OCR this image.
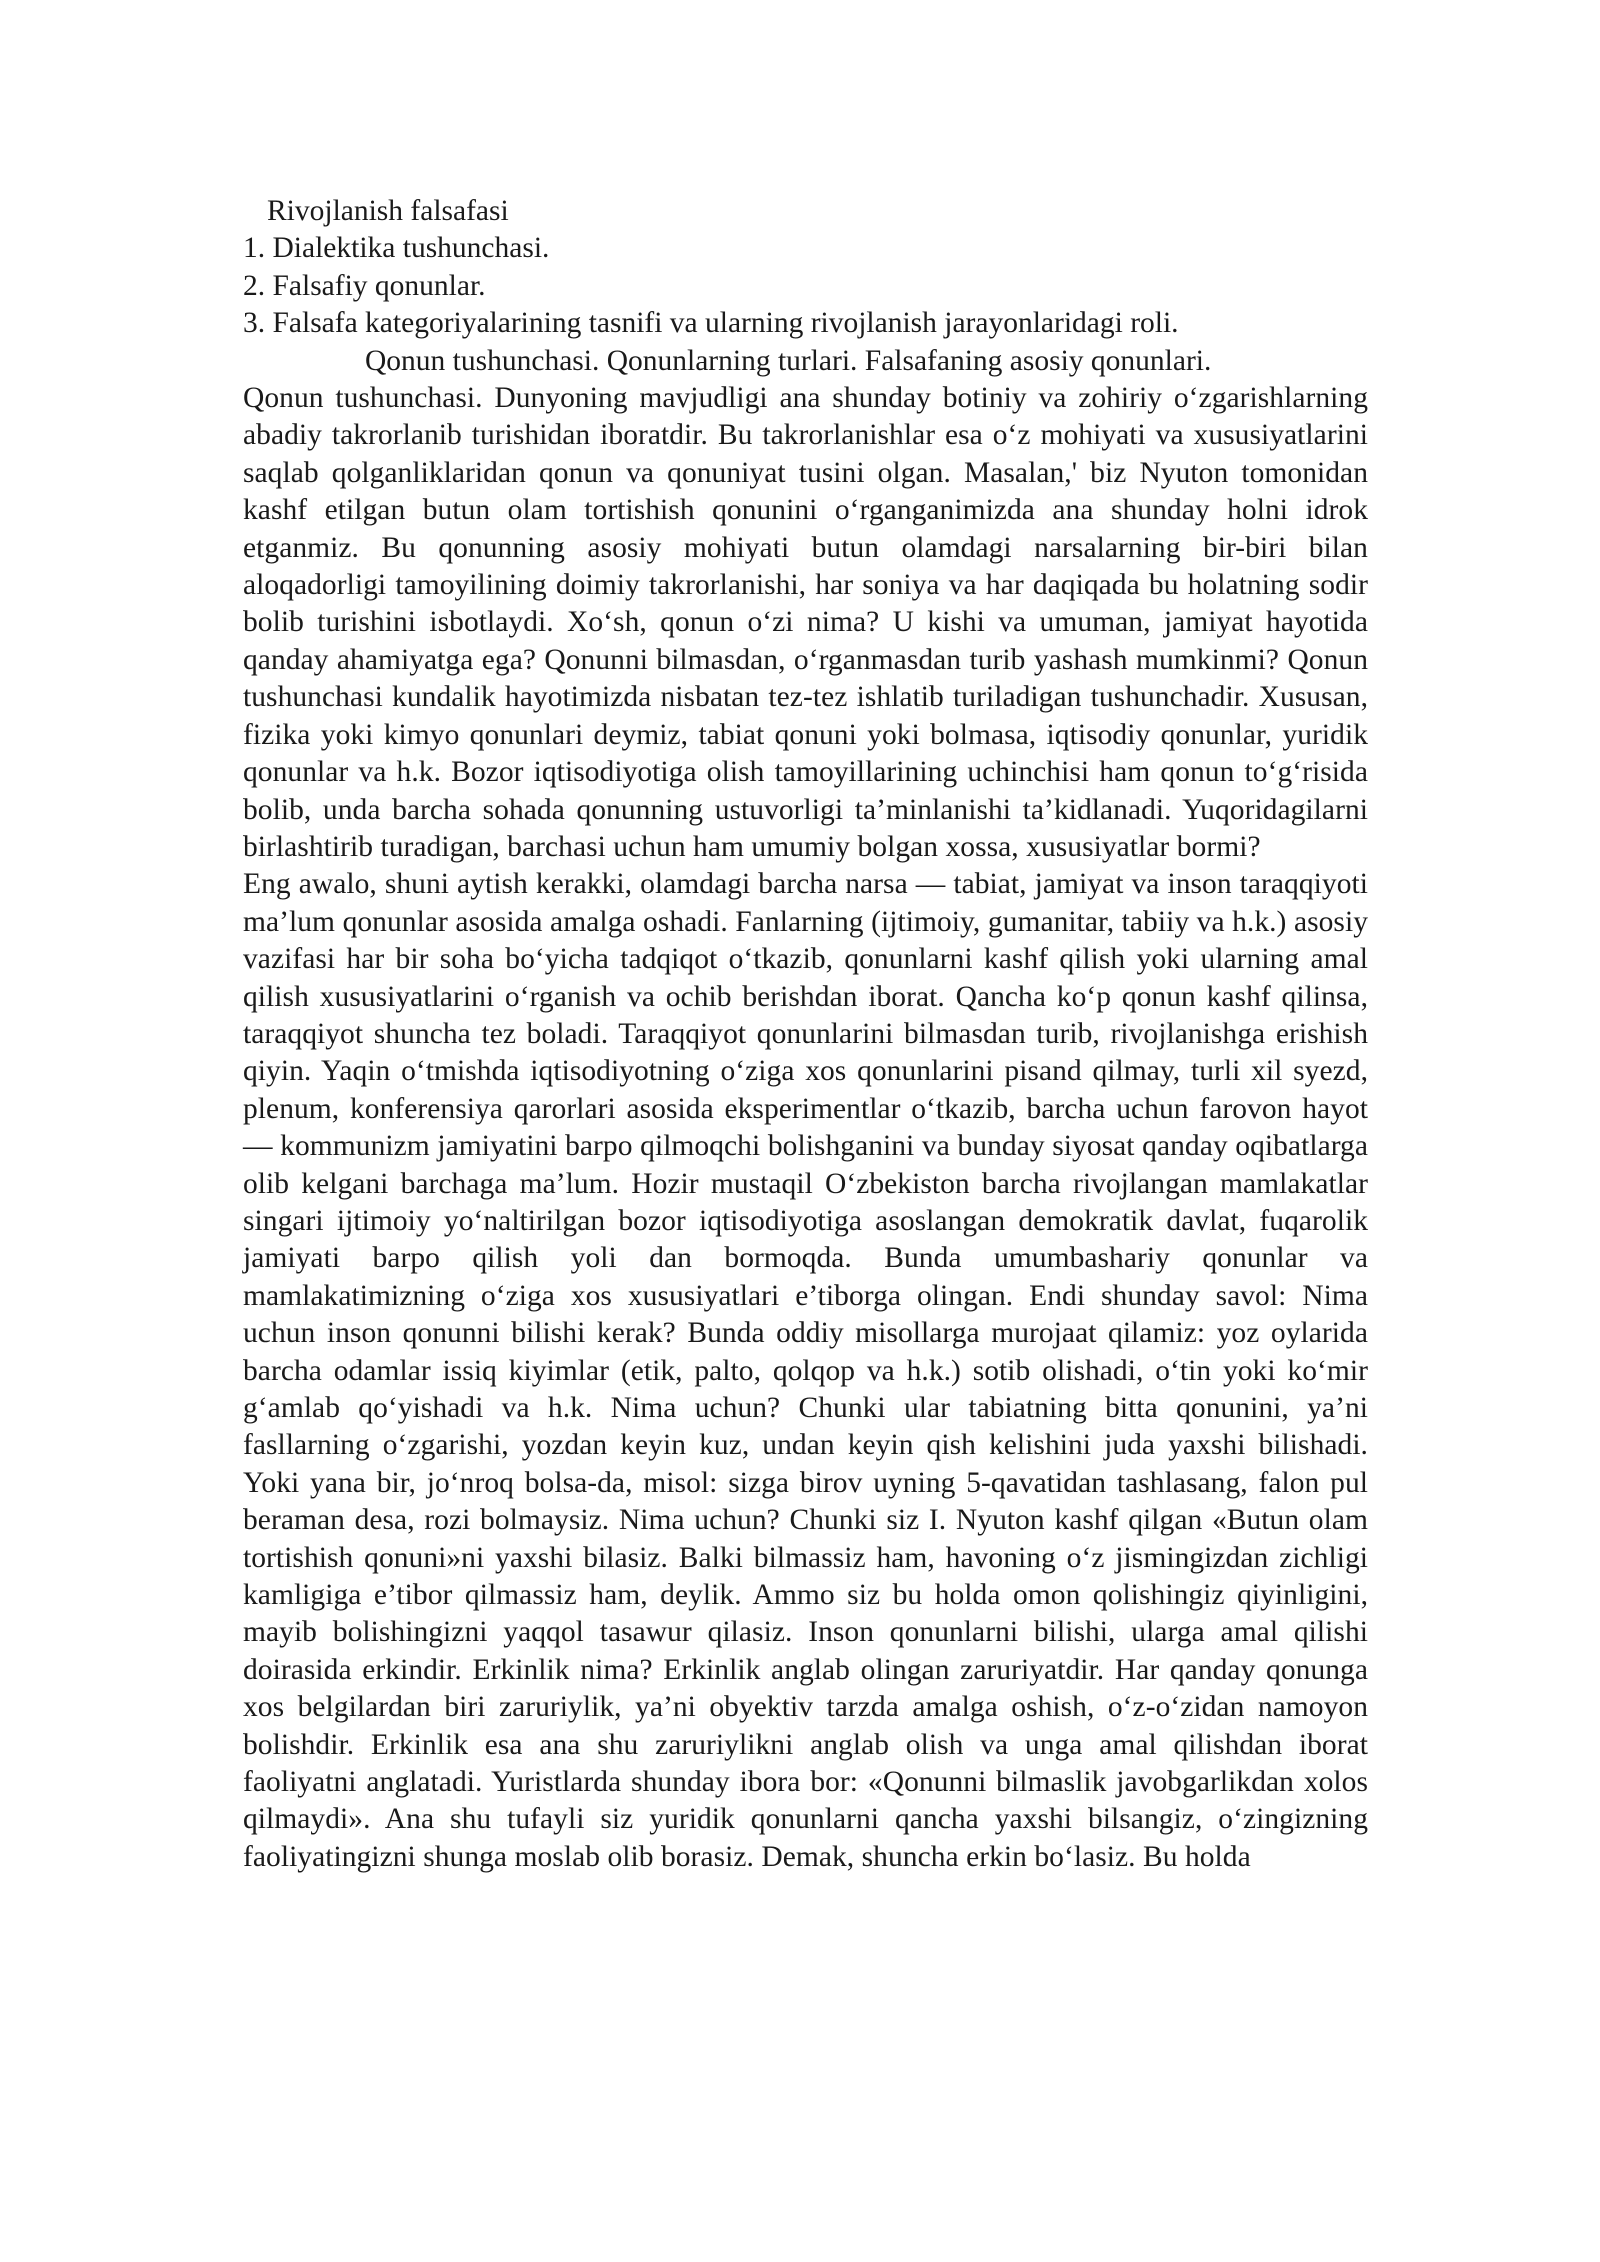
Rivojlanish falsafasi
1. Dialektika tushunchasi.
2. Falsafiy qonunlar.
3. Falsafa kategoriyalarining tasnifi va ularning rivojlanish jarayonlaridagi roli.
Qonun tushunchasi. Qonunlarning turlari. Falsafaning asosiy qonunlari.

Qonun tushunchasi. Dunyoning mavjudligi ana shunday botiniy va zohiriy o‘zgarishlarning abadiy takrorlanib turishidan iboratdir. Bu takrorlanishlar esa o‘z mohiyati va xususiyatlarini saqlab qolganliklaridan qonun va qonuniyat tusini olgan. Masalan,' biz Nyuton tomonidan kashf etilgan butun olam tortishish qonunini o‘rganganimizda ana shunday holni idrok etganmiz. Bu qonunning asosiy mohiyati butun olamdagi narsalarning bir-biri bilan aloqadorligi tamoyilining doimiy takrorlanishi, har soniya va har daqiqada bu holatning sodir bolib turishini isbotlaydi. Xo‘sh, qonun o‘zi nima? U kishi va umuman, jamiyat hayotida qanday ahamiyatga ega? Qonunni bilmasdan, o‘rganmasdan turib yashash mumkinmi? Qonun tushunchasi kundalik hayotimizda nisbatan tez-tez ishlatib turiladigan tushunchadir. Xususan, fizika yoki kimyo qonunlari deymiz, tabiat qonuni yoki bolmasa, iqtisodiy qonunlar, yuridik qonunlar va h.k. Bozor iqtisodiyotiga olish tamoyillarining uchinchisi ham qonun to‘g‘risida bolib, unda barcha sohada qonunning ustuvorligi ta’minlanishi ta’kidlanadi. Yuqoridagilarni birlashtirib turadigan, barchasi uchun ham umumiy bolgan xossa, xususiyatlar bormi?

Eng awalo, shuni aytish kerakki, olamdagi barcha narsa — tabiat, jamiyat va inson taraqqiyoti ma’lum qonunlar asosida amalga oshadi. Fanlarning (ijtimoiy, gumanitar, tabiiy va h.k.) asosiy vazifasi har bir soha bo‘yicha tadqiqot o‘tkazib, qonunlarni kashf qilish yoki ularning amal qilish xususiyatlarini o‘rganish va ochib berishdan iborat. Qancha ko‘p qonun kashf qilinsa, taraqqiyot shuncha tez boladi. Taraqqiyot qonunlarini bilmasdan turib, rivojlanishga erishish qiyin. Yaqin o‘tmishda iqtisodiyotning o‘ziga xos qonunlarini pisand qilmay, turli xil syezd, plenum, konferensiya qarorlari asosida eksperimentlar o‘tkazib, barcha uchun farovon hayot — kommunizm jamiyatini barpo qilmoqchi bolishganini va bunday siyosat qanday oqibatlarga olib kelgani barchaga ma’lum. Hozir mustaqil O‘zbekiston barcha rivojlangan mamlakatlar singari ijtimoiy yo‘naltirilgan bozor iqtisodiyotiga asoslangan demokratik davlat, fuqarolik jamiyati barpo qilish yoli dan bormoqda. Bunda umumbashariy qonunlar va mamlakatimizning o‘ziga xos xususiyatlari e’tiborga olingan. Endi shunday savol: Nima uchun inson qonunni bilishi kerak? Bunda oddiy misollarga murojaat qilamiz: yoz oylarida barcha odamlar issiq kiyimlar (etik, palto, qolqop va h.k.) sotib olishadi, o‘tin yoki ko‘mir g‘amlab qo‘yishadi va h.k. Nima uchun? Chunki ular tabiatning bitta qonunini, ya’ni fasllarning o‘zgarishi, yozdan keyin kuz, undan keyin qish kelishini juda yaxshi bilishadi. Yoki yana bir, jo‘nroq bolsa-da, misol: sizga birov uyning 5-qavatidan tashlasang, falon pul beraman desa, rozi bolmaysiz. Nima uchun? Chunki siz I. Nyuton kashf qilgan «Butun olam tortishish qonuni»ni yaxshi bilasiz. Balki bilmassiz ham, havoning o‘z jismingizdan zichligi kamligiga e’tibor qilmassiz ham, deylik. Ammo siz bu holda omon qolishingiz qiyinligini, mayib bolishingizni yaqqol tasawur qilasiz. Inson qonunlarni bilishi, ularga amal qilishi doirasida erkindir. Erkinlik nima? Erkinlik anglab olingan zaruriyatdir. Har qanday qonunga xos belgilardan biri zaruriylik, ya’ni obyektiv tarzda amalga oshish, o‘z-o‘zidan namoyon bolishdir. Erkinlik esa ana shu zaruriylikni anglab olish va unga amal qilishdan iborat faoliyatni anglatadi. Yuristlarda shunday ibora bor: «Qonunni bilmaslik javobgarlikdan xolos qilmaydi». Ana shu tufayli siz yuridik qonunlarni qancha yaxshi bilsangiz, o‘zingizning faoliyatingizni shunga moslab olib borasiz. Demak, shuncha erkin bo‘lasiz. Bu holda
